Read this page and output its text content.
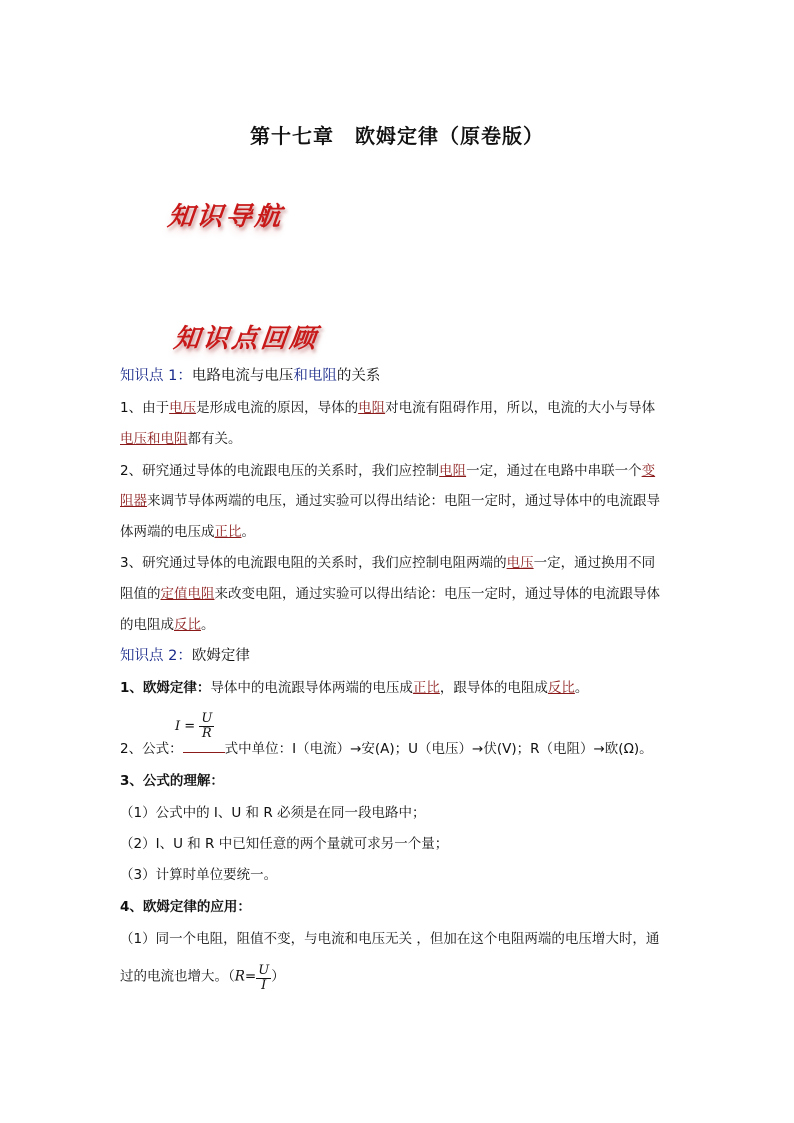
第十七章　欧姆定律（原卷版）
知识导航
知识点回顾
知识点 1：电路电流与电压和电阻的关系
1、由于电压是形成电流的原因，导体的电阻对电流有阻碍作用，所以，电流的大小与导体
电压和电阻都有关。
2、研究通过导体的电流跟电压的关系时，我们应控制电阻一定，通过在电路中串联一个变
阻器来调节导体两端的电压，通过实验可以得出结论：电阻一定时，通过导体中的电流跟导
体两端的电压成正比。
3、研究通过导体的电流跟电阻的关系时，我们应控制电阻两端的电压一定，通过换用不同
阻值的定值电阻来改变电阻，通过实验可以得出结论：电压一定时，通过导体的电流跟导体
的电阻成反比。
知识点 2：欧姆定律
1、欧姆定律：导体中的电流跟导体两端的电压成正比，跟导体的电阻成反比。
$I = \frac{U}{R}$
2、公式：	式中单位：I（电流）→安(A)；U（电压）→伏(V)；R（电阻）→欧(Ω)。
3、公式的理解：
（1）公式中的 I、U 和 R 必须是在同一段电路中；
（2）I、U 和 R 中已知任意的两个量就可求另一个量；
（3）计算时单位要统一。
4、欧姆定律的应用：
（1）同一个电阻，阻值不变，与电流和电压无关 ，但加在这个电阻两端的电压增大时，通
过的电流也增大。（$R= \frac{U}{I}$ ）
